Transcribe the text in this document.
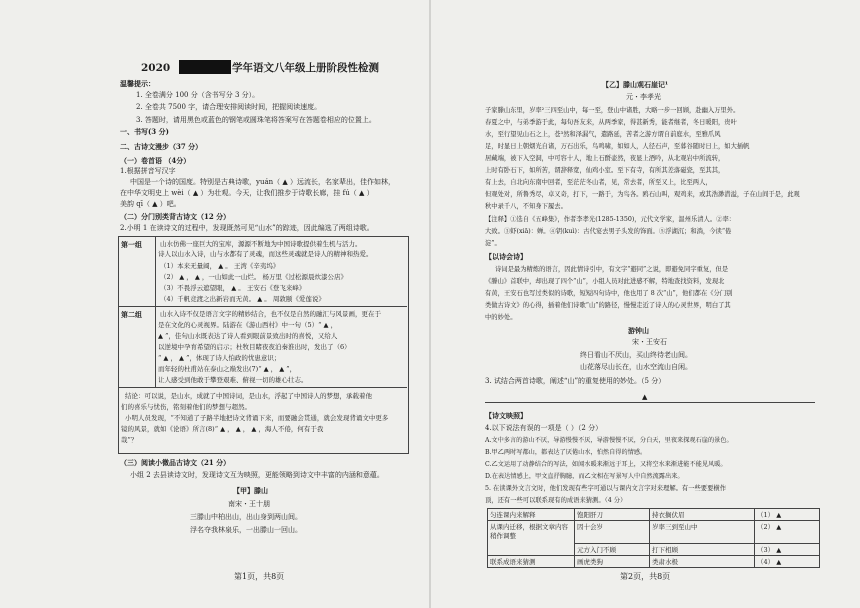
2020	学年语文八年级上册阶段性检测
温馨提示：
1. 全卷满分 100 分（含书写分 3 分）。
2. 全卷共 7500 字，请合理安排阅读时间，把握阅读速度。
3. 答题时，请用黑色或蓝色的钢笔或圆珠笔将答案写在答题卷相应的位置上。
一、书写(3 分)
二、古诗文漫步（37 分）
（一）卷首语 （4分）
1.根据拼音写汉字
中国是一个诗的国度。特别是古典诗歌，yuán（ ▲ ）远流长，名家辈出，佳作如林，
在中华文明史上 wèi（ ▲ ）为壮观。今天，让我们推步于诗歌长廊，挂 fú（ ▲ ）
美韵 qī（ ▲ ）吧。
（二）分门别类背古诗文（12 分）
2.小明 1 在读诗文的过程中，发现既然可见“山水”的踪迹，因此编选了两组诗歌。
第一组	山水仿佛一座巨大的宝库，源源不断地为中国诗歌提供着生机与活力。
诗人以山水入诗，山与水都有了灵魂，而这些灵魂就是诗人的精神和热爱。
（1）本来无量阔， ▲ 。 王湾《辛夷坞》
（2） ▲ ， ▲ ，一山如此一山烂。 杨万里《过松源晨炊漆公店》
（3）不畏浮云遮望眼， ▲ 。 王安石《登飞来峰》
（4）千帆竞渡之出新岩而无黄。 ▲ 。 周敦颐《爱莲说》
第二组	山水入诗不仅是语言文字的精妙结合，也不仅是自然的融汇与风景画，更在于
是在文化的心灵视界。陆游在《游山西村》中一句（5）“ ▲ ，
▲ ”，佳句山水既表达了诗人看到眼前景致出时的喜悦，又给人
以逆境中孕育希望的启示；杜牧目睹夜夜泊秦淮出时，发出了（6）
“ ▲ ， ▲ ”，体现了诗人怕政的忧患意识；
而年轻的杜甫站在泰山之巅发出(7)“ ▲ ， ▲ ”，
让人感受到他敢于攀登艰难、俯视一切的雄心壮志。
结论：可以说，是山水，成就了中国诗词，是山水，浮起了中国诗人的梦想，承载着他
们的喜乐与忧伤，铭刻着他们的梦想与超然。
小明人员发现，“不知道了子路半地把诗文背诵下来，而要融会贯通，就会发现背诵文中更多
镜的风景，就如《论语》所言(8)“ ▲ ， ▲ ， ▲ ，海人不倦，何有于我
哉”？
（三）阅读小微品古诗文（21 分）
小组 2 去县读诗文时，发现诗文互为映照，更能领略到诗文中丰富的内涵和意蕴。
【甲】滕山
南宋・王十朋
三滕山中柏出山，出山身到两山间。
浮名夺我林泉乐，一出滕山一回山。
第1页，共8页
【乙】滕山观石崖记¹
元・李孝光
子家滕山东里，岁率²三四至山中，每一至，登山中诸胜，大略一步一回顾，赴幽入万里外。
春夏之中，与弟季游于此，每旬吾友来，从两季家，得甚新秀，能者继者，冬日暖阳，贵叶
水，至行望见山石之上，苍³然和泽漏气，遣路延，苦者之游方谓自前庭水，至雅爪风
足，时显日上朝烟光自诸，万石出乐，鸟鸣啸，如如人，人径石声，至暮谷随时日上，如大插帆
居藏端，被下入空洞，中可容十人，地上石酹壶然，夜显上酒吟，从北观岩中所流转，
上时有卧石下，如所苦，谓辞释宽，仙鸡小室。至下有寺，有所其差落磁瓷，至其其，
有上去，自北向东南中回者，至茫茫冬山者，见，常去者，所至又上，比至两人，
但观处对，所鲁秀尽，卓又奇，打下，一路于，为鸟各。鸥石山叫，观鸡来，或其浩渺潜溢，子在山间于是，此观
秋中录千八，不知身下履去。
【注释】①选自《五峰集》，作者李孝光(1285-1350)，元代文学家，温州乐清人。②率：
大致。③虾(xiā)：蝉。④钥(kuì)：古代宴去男子头发的饰面。⑤浮湖沉；和淌，今读“倦
淀”。
【以诗会诗】
诗词是最为精炼的语言，因此情诗引中，有文字“避同”之说，即避免同字重复，但是
《滕山》首联中，却出现了四个“山”，小组人员对此进感不解，特地查找资料，发现北
有黄，王安石也写过类似的诗歌，短短四句诗中，他也用了 8 次“山”，他们都在《分门别
类做古诗文》的心得，插着他们诗歌“山”的路径，慢慢走近了诗人的心灵世界，明白了其
中的妙处。
游钟山
宋・王安石
终日看山不厌山，买山终待老山间。
山花落尽山长在，山水空流山自闲。
3. 试结合两首诗歌，阐述“山”的重复使用的妙处。（5 分）
▲
【诗文映照】
4.以下说法有误的一项是（ ）（2 分）
A.文中多言的游山不厌，导游慢慢不厌，导游慢慢不厌，分白天，里夜来探观石崖的景色。
B.甲乙两时写都山，都表达了厌倦山水，怕然自得的情感。
C.乙文运用了动静结合的写法，如闻水暖来渐远于耳上，又将空水来渐进能不能见风暖。
D.在表达情感上，甲文直抒胸臆，而乙文相在写景写人中自然流露出来。
5. 在读课外文言文时，他们发现有些字可通以与课内文言字对来理解。有一些要要横作
顶，还有一些可以联系现有的成语来猜测。（4 分）
匀连课内来解释	饱阳肝刀	持衣搁伏眉	（1） ▲
从课内迁移，根据文章内容稍作调整	因十会岁	岁率三到至山中	（2） ▲
	元方入门不顾	打下相顾	（3） ▲
联系成语来猜测	画虎类狗	类肃水极	（4） ▲
第2页，共8页
